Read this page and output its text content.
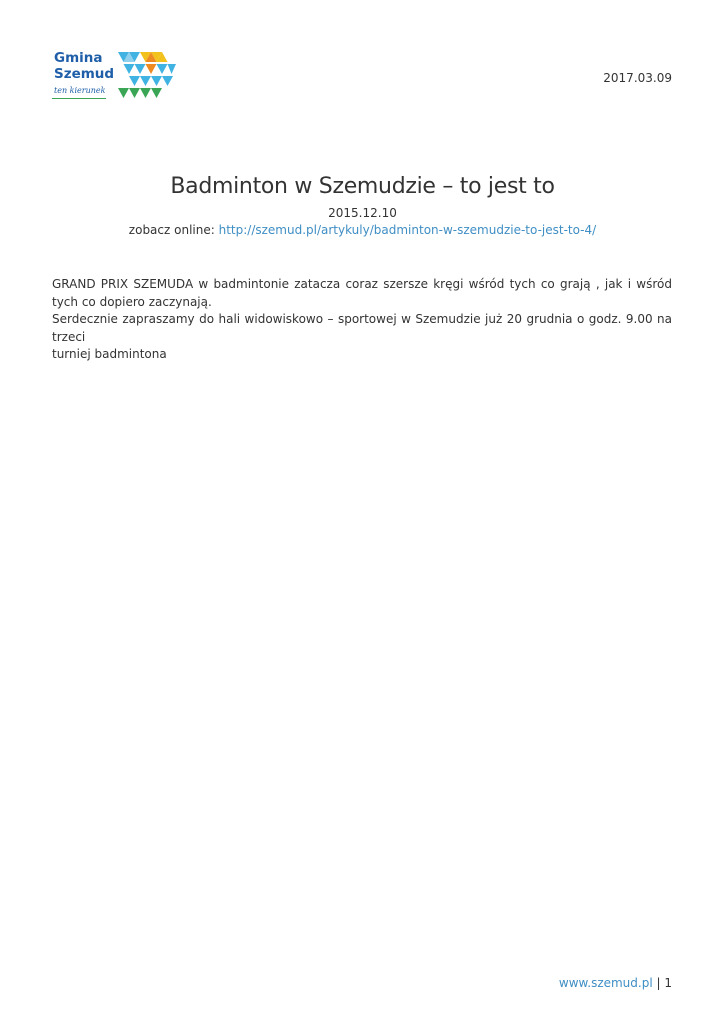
Gmina
Szemud
ten kierunek
2017.03.09
Badminton w Szemudzie – to jest to
2015.12.10
zobacz online: http://szemud.pl/artykuly/badminton-w-szemudzie-to-jest-to-4/

GRAND PRIX SZEMUDA w badmintonie zatacza coraz szersze kręgi wśród tych co grają , jak i wśród tych co dopiero zaczynają.

Serdecznie zapraszamy do hali widowiskowo – sportowej w Szemudzie już 20 grudnia o godz. 9.00 na trzeci

turniej badmintona

www.szemud.pl | 1
